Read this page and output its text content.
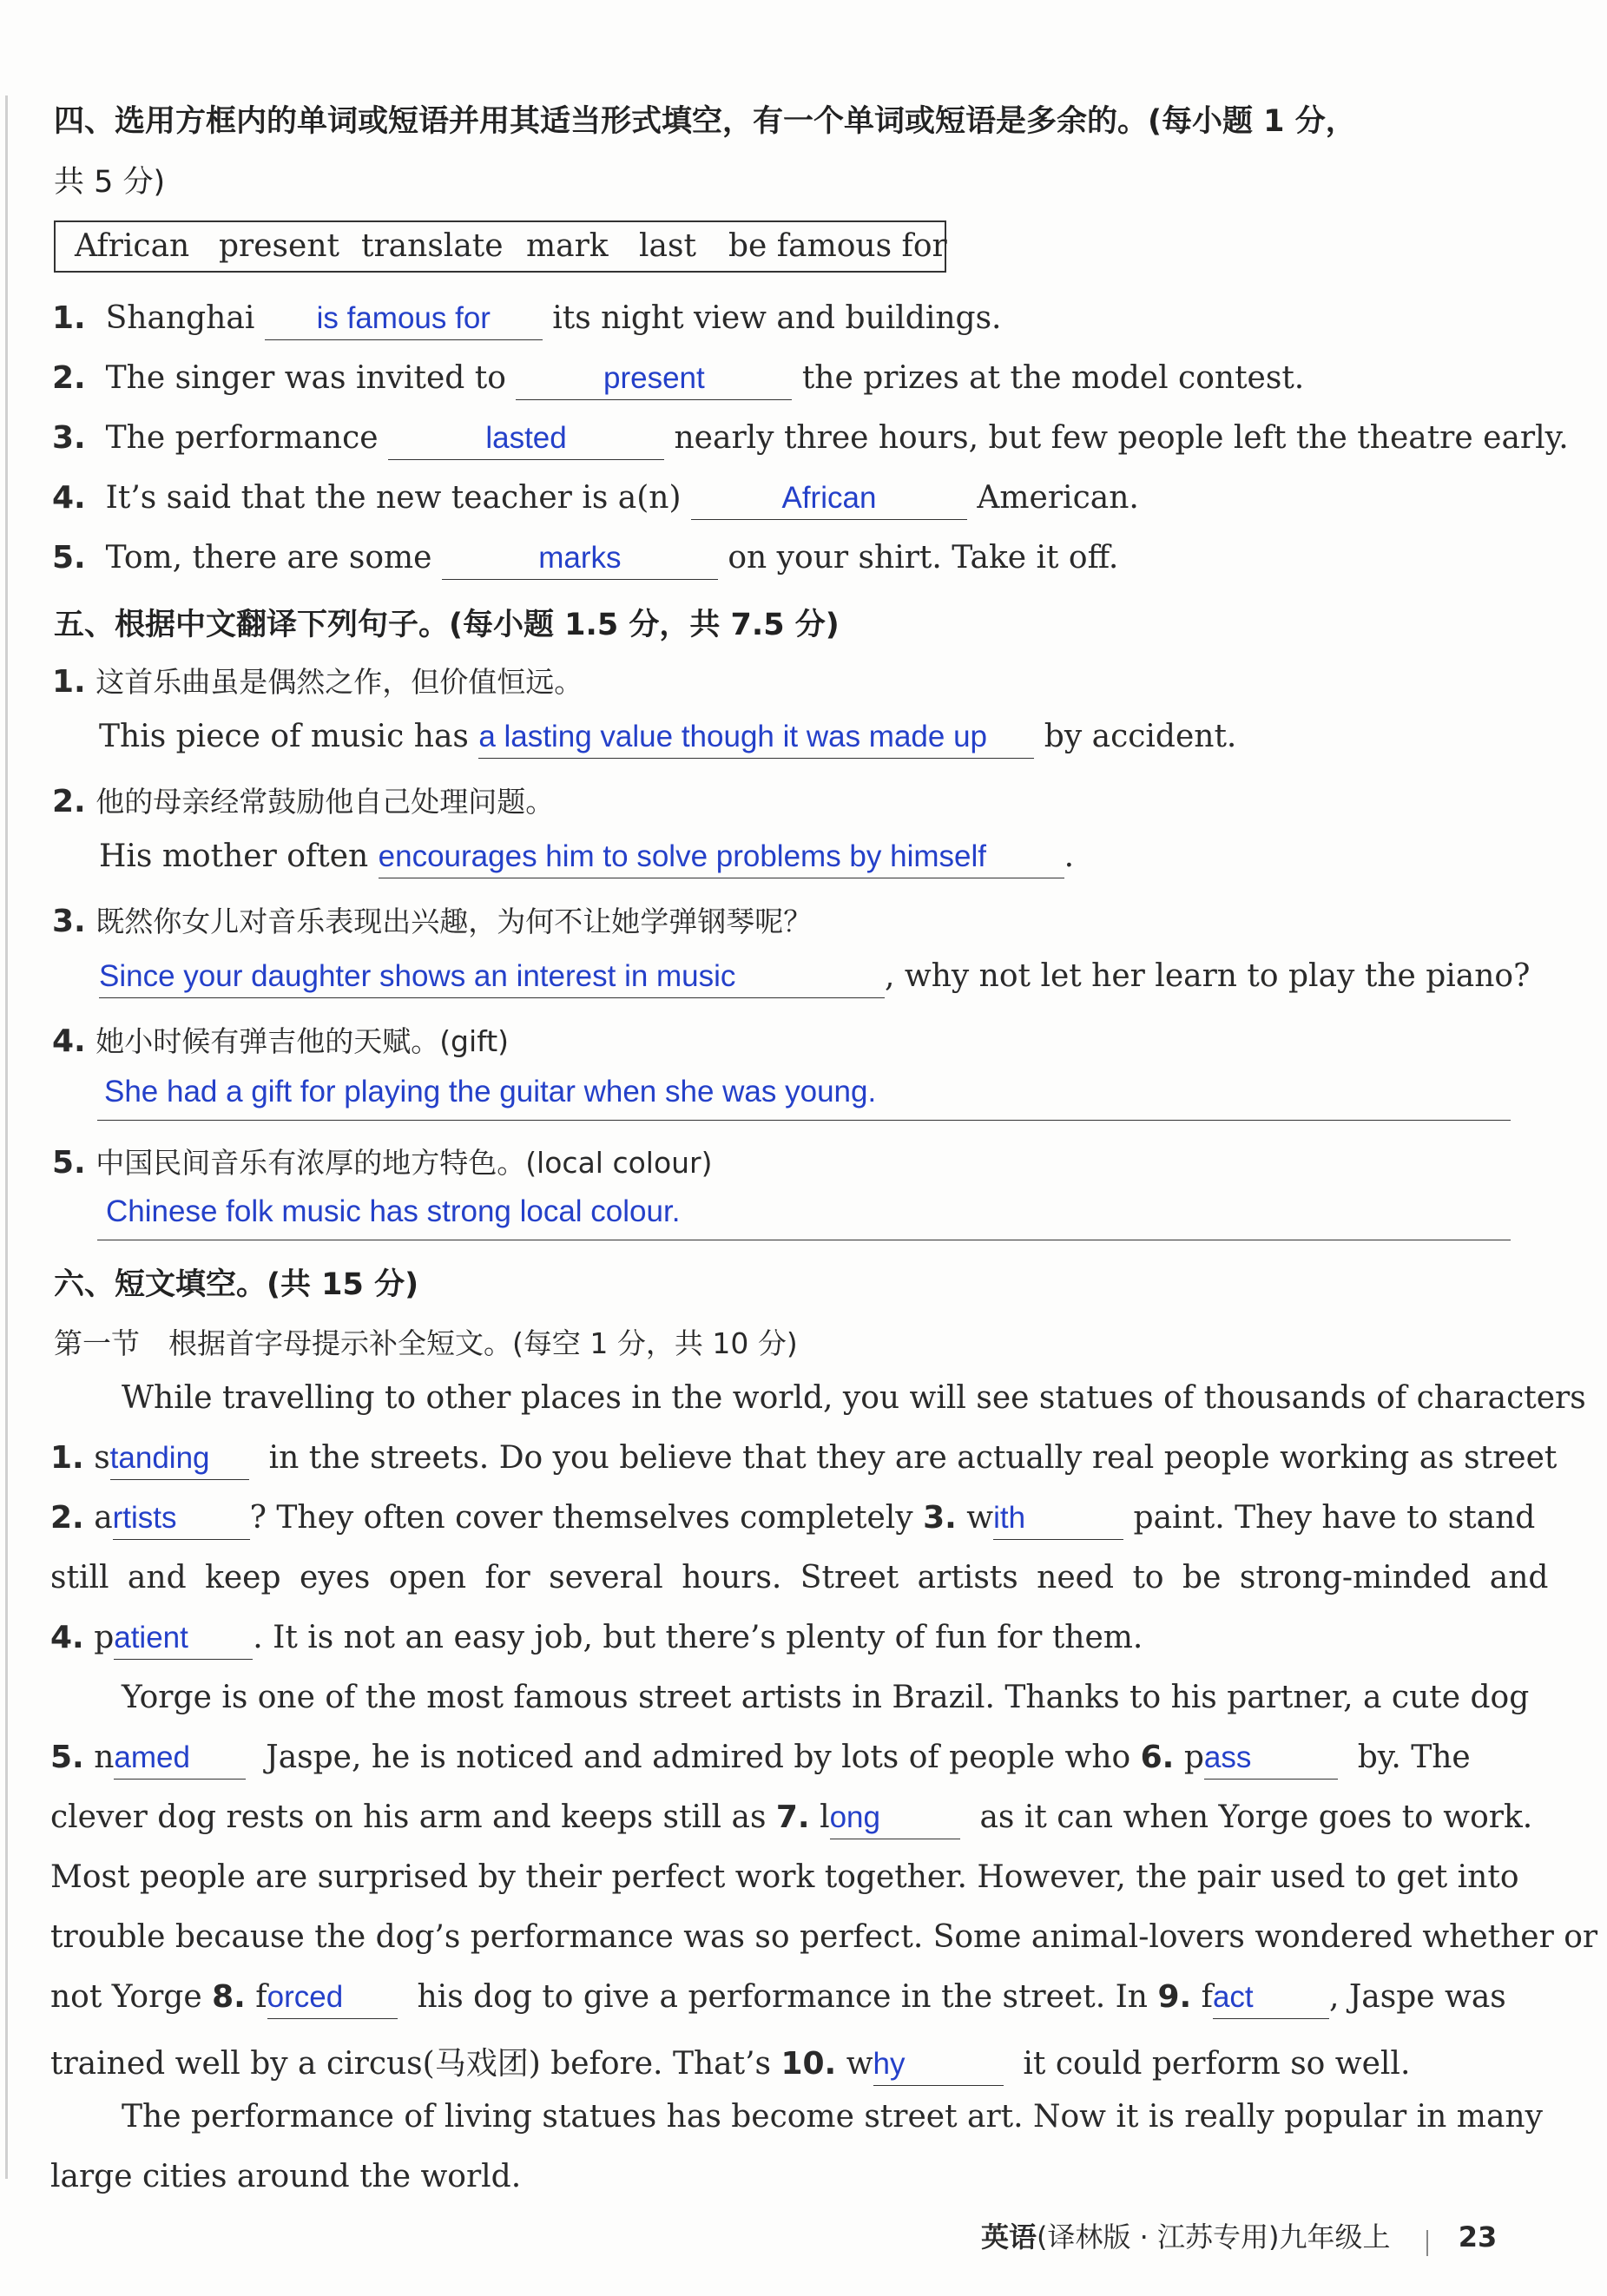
四、选用方框内的单词或短语并用其适当形式填空，有一个单词或短语是多余的。(每小题 1 分，
共 5 分)
African present translate mark last be famous for
1. Shanghai is famous for its night view and buildings.
2. The singer was invited to	present	the prizes at the model contest.
3. The performance	lasted	nearly three hours, but few people left the theatre early.
4. It’s said that the new teacher is a(n)	African	American.
5. Tom, there are some	marks	on your shirt. Take it off.
五、根据中文翻译下列句子。(每小题 1.5 分，共 7.5 分)
1. 这首乐曲虽是偶然之作，但价值恒远。
This piece of music has a lasting value though it was made up by accident.
2. 他的母亲经常鼓励他自己处理问题。
His mother often encourages him to solve problems by himself .
3. 既然你女儿对音乐表现出兴趣，为何不让她学弹钢琴呢？
Since your daughter shows an interest in music	, why not let her learn to play the piano?
4. 她小时候有弹吉他的天赋。(gift)
She had a gift for playing the guitar when she was young.
5. 中国民间音乐有浓厚的地方特色。(local colour)
Chinese folk music has strong local colour.
六、短文填空。(共 15 分)
第一节　根据首字母提示补全短文。(每空 1 分，共 10 分)
While travelling to other places in the world, you will see statues of thousands of characters
1. standing in the streets. Do you believe that they are actually real people working as street
2. artists ? They often cover themselves completely 3. with	paint. They have to stand
still and keep eyes open for several hours. Street artists need to be strong-minded and
4. patient . It is not an easy job, but there’s plenty of fun for them.
Yorge is one of the most famous street artists in Brazil. Thanks to his partner, a cute dog
5. named Jaspe, he is noticed and admired by lots of people who 6. pass	by. The
clever dog rests on his arm and keeps still as 7. long	as it can when Yorge goes to work.
Most people are surprised by their perfect work together. However, the pair used to get into
trouble because the dog’s performance was so perfect. Some animal-lovers wondered whether or
not Yorge 8. forced his dog to give a performance in the street. In 9. fact , Jaspe was
trained well by a circus(马戏团) before. That’s 10. why	it could perform so well.
The performance of living statues has become street art. Now it is really popular in many
large cities around the world.
英语(译林版 · 江苏专用)九年级上 23
